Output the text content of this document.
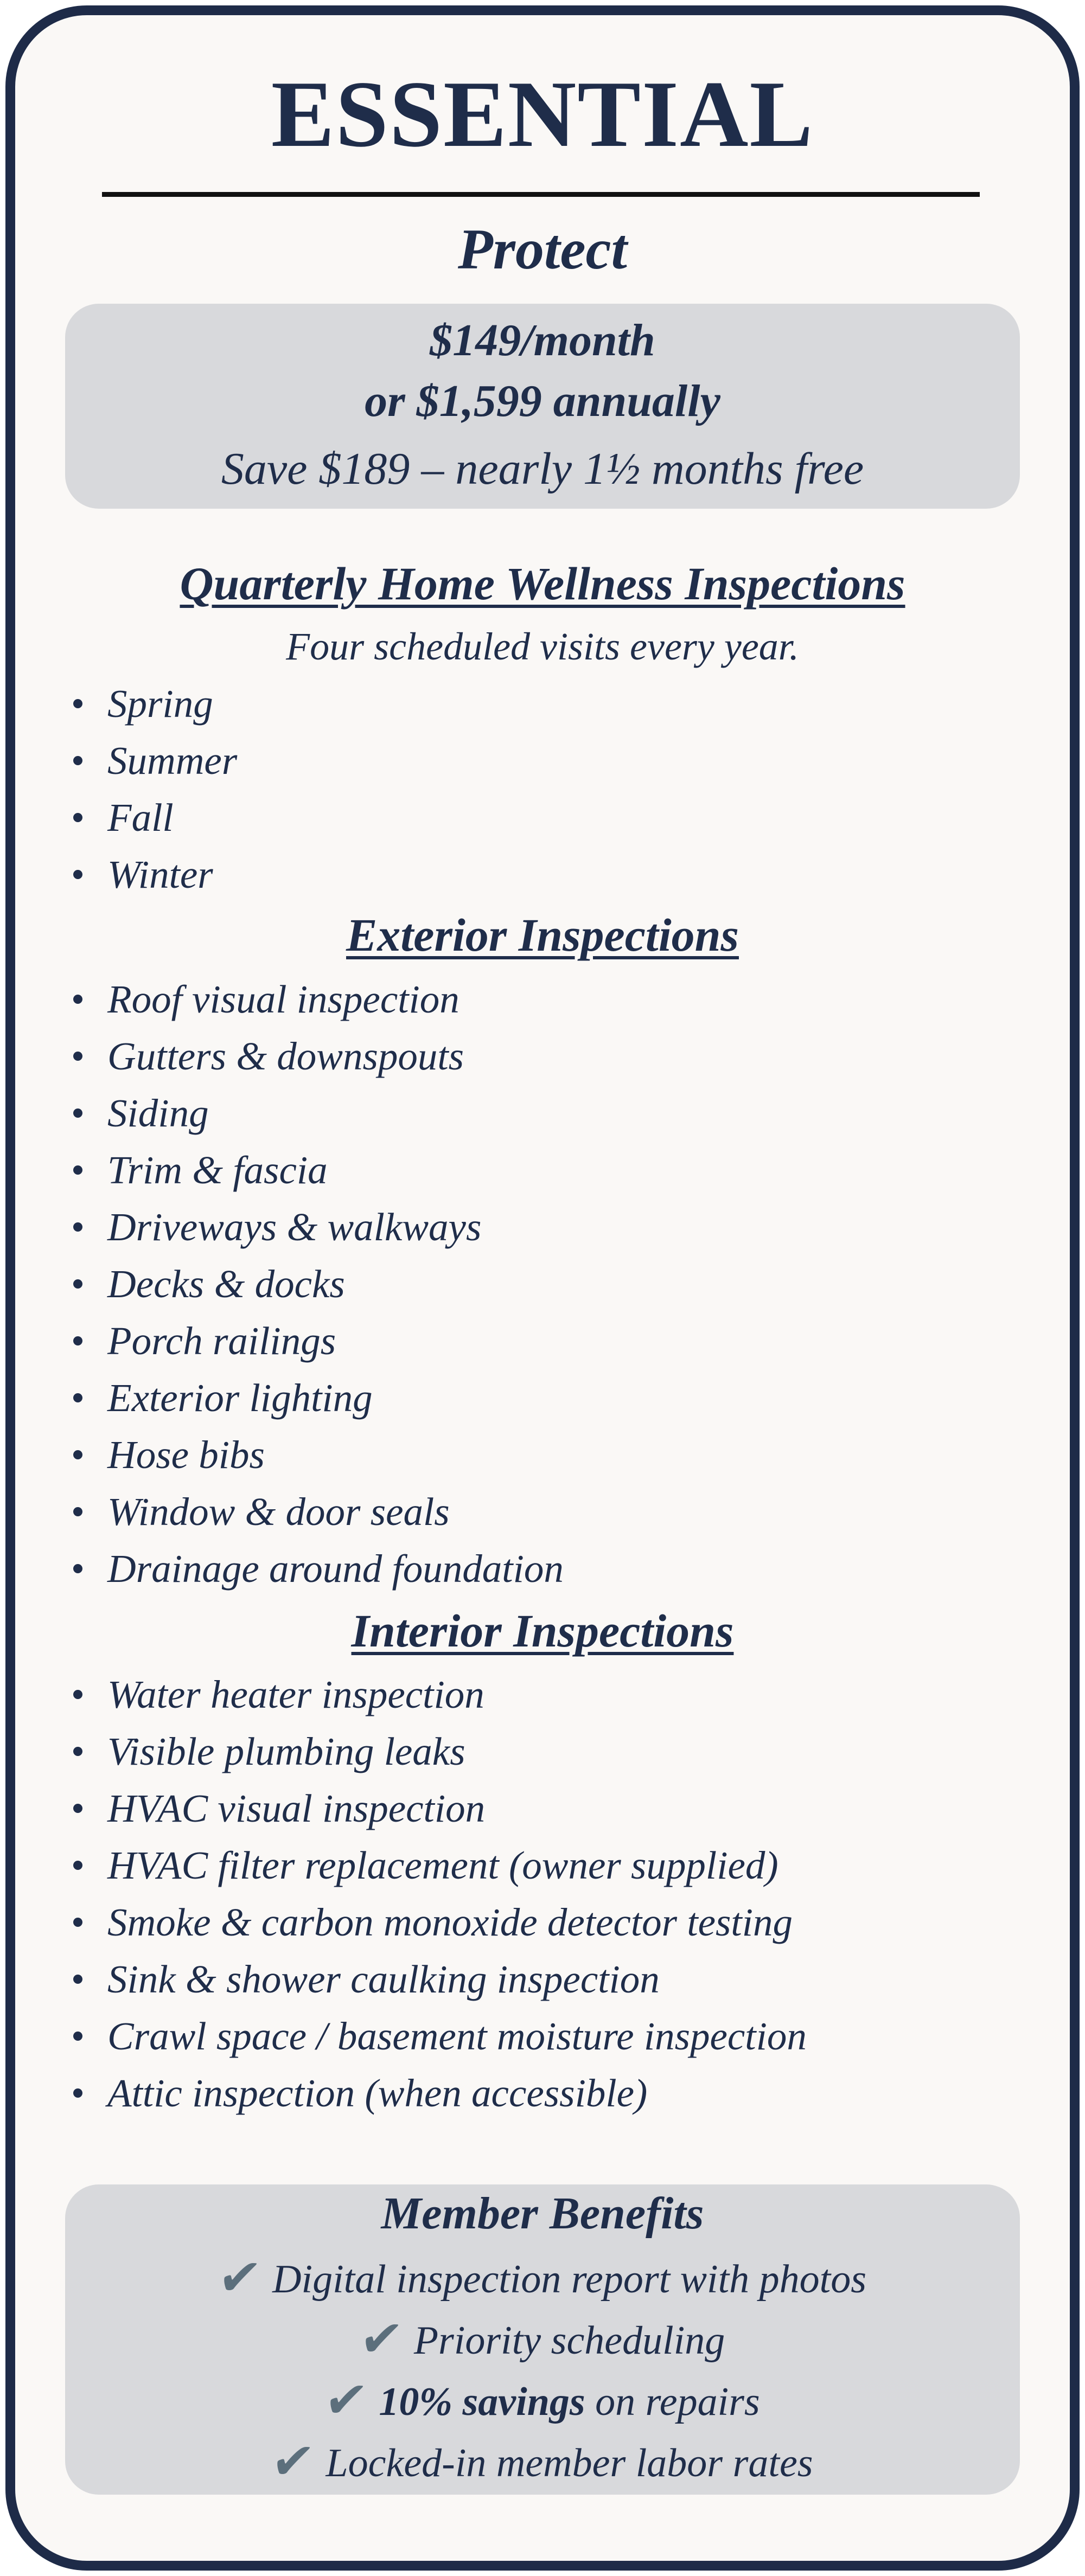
ESSENTIAL
Protect
$149/month
or $1,599 annually
Save $189 – nearly 1½ months free
Quarterly Home Wellness Inspections
Four scheduled visits every year.
Spring
Summer
Fall
Winter
Exterior Inspections
Roof visual inspection
Gutters & downspouts
Siding
Trim & fascia
Driveways & walkways
Decks & docks
Porch railings
Exterior lighting
Hose bibs
Window & door seals
Drainage around foundation
Interior Inspections
Water heater inspection
Visible plumbing leaks
HVAC visual inspection
HVAC filter replacement (owner supplied)
Smoke & carbon monoxide detector testing
Sink & shower caulking inspection
Crawl space / basement moisture inspection
Attic inspection (when accessible)
Member Benefits
✔ Digital inspection report with photos
✔ Priority scheduling
✔ 10% savings on repairs
✔ Locked-in member labor rates
